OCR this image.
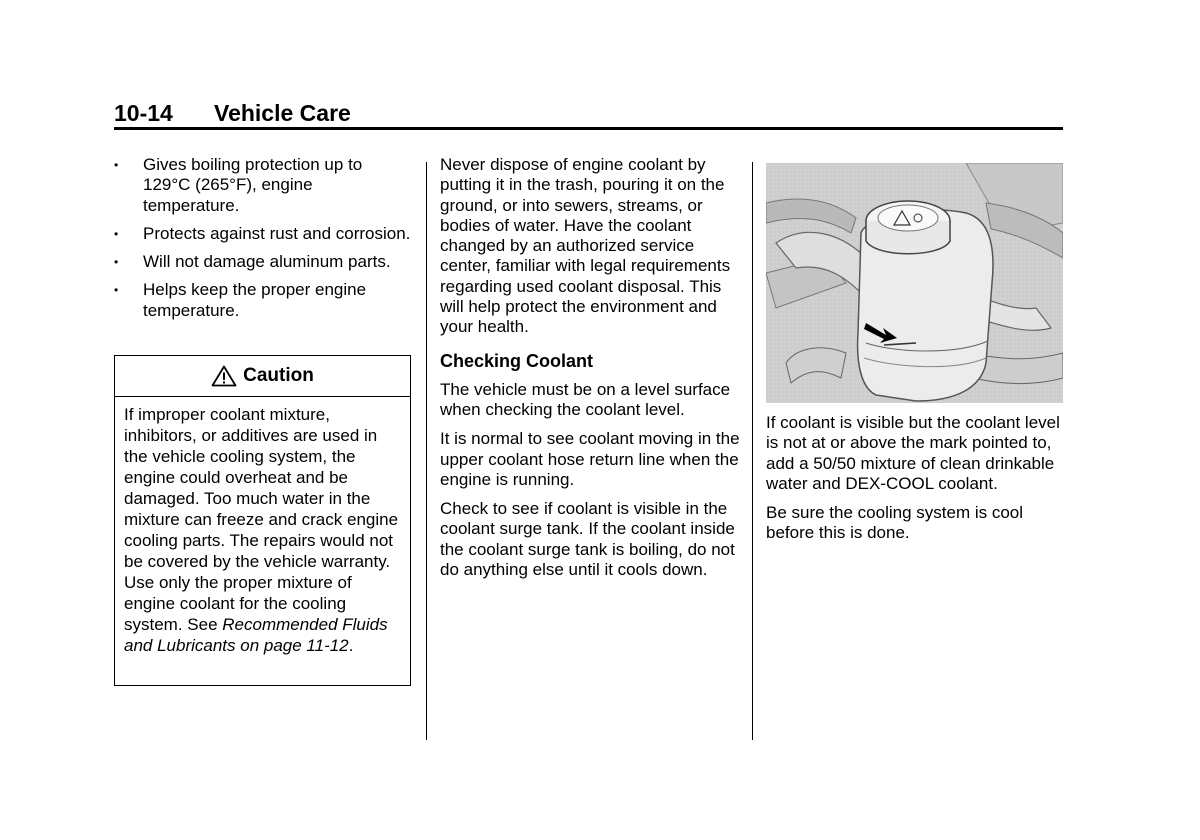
10-14 Vehicle Care
• Gives boiling protection up to 129°C (265°F), engine temperature.
• Protects against rust and corrosion.
• Will not damage aluminum parts.
• Helps keep the proper engine temperature.
Caution
If improper coolant mixture, inhibitors, or additives are used in the vehicle cooling system, the engine could overheat and be damaged. Too much water in the mixture can freeze and crack engine cooling parts. The repairs would not be covered by the vehicle warranty. Use only the proper mixture of engine coolant for the cooling system. See Recommended Fluids and Lubricants on page 11-12.

Never dispose of engine coolant by putting it in the trash, pouring it on the ground, or into sewers, streams, or bodies of water. Have the coolant changed by an authorized service center, familiar with legal requirements regarding used coolant disposal. This will help protect the environment and your health.

Checking Coolant

The vehicle must be on a level surface when checking the coolant level.

It is normal to see coolant moving in the upper coolant hose return line when the engine is running.

Check to see if coolant is visible in the coolant surge tank. If the coolant inside the coolant surge tank is boiling, do not do anything else until it cools down.

If coolant is visible but the coolant level is not at or above the mark pointed to, add a 50/50 mixture of clean drinkable water and DEX-COOL coolant.

Be sure the cooling system is cool before this is done.
